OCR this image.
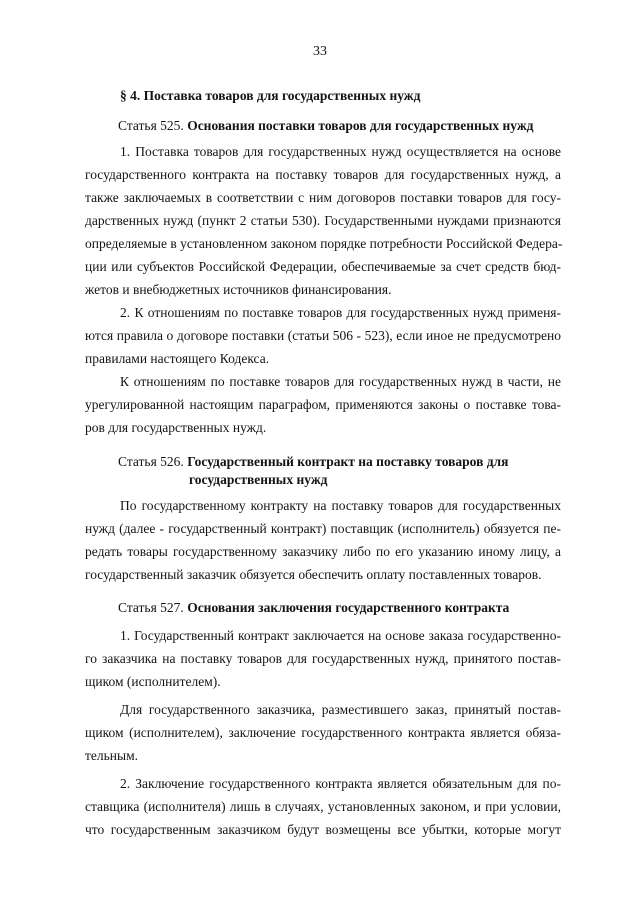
33
§ 4. Поставка товаров для государственных нужд
Статья 525. Основания поставки товаров для государственных нужд
1. Поставка товаров для государственных нужд осуществляется на основе
государственного контракта на поставку товаров для государственных нужд, а
также заключаемых в соответствии с ним договоров поставки товаров для госу-
дарственных нужд (пункт 2 статьи 530). Государственными нуждами признаются
определяемые в установленном законом порядке потребности Российской Федера-
ции или субъектов Российской Федерации, обеспечиваемые за счет средств бюд-
жетов и внебюджетных источников финансирования.
2. К отношениям по поставке товаров для государственных нужд применя-
ются правила о договоре поставки (статьи 506 - 523), если иное не предусмотрено
правилами настоящего Кодекса.
К отношениям по поставке товаров для государственных нужд в части, не
урегулированной настоящим параграфом, применяются законы о поставке това-
ров для государственных нужд.
Статья 526. Государственный контракт на поставку товаров для
государственных нужд
По государственному контракту на поставку товаров для государственных
нужд (далее - государственный контракт) поставщик (исполнитель) обязуется пе-
редать товары государственному заказчику либо по его указанию иному лицу, а
государственный заказчик обязуется обеспечить оплату поставленных товаров.
Статья 527. Основания заключения государственного контракта
1. Государственный контракт заключается на основе заказа государственно-
го заказчика на поставку товаров для государственных нужд, принятого постав-
щиком (исполнителем).
Для государственного заказчика, разместившего заказ, принятый постав-
щиком (исполнителем), заключение государственного контракта является обяза-
тельным.
2. Заключение государственного контракта является обязательным для по-
ставщика (исполнителя) лишь в случаях, установленных законом, и при условии,
что государственным заказчиком будут возмещены все убытки, которые могут
